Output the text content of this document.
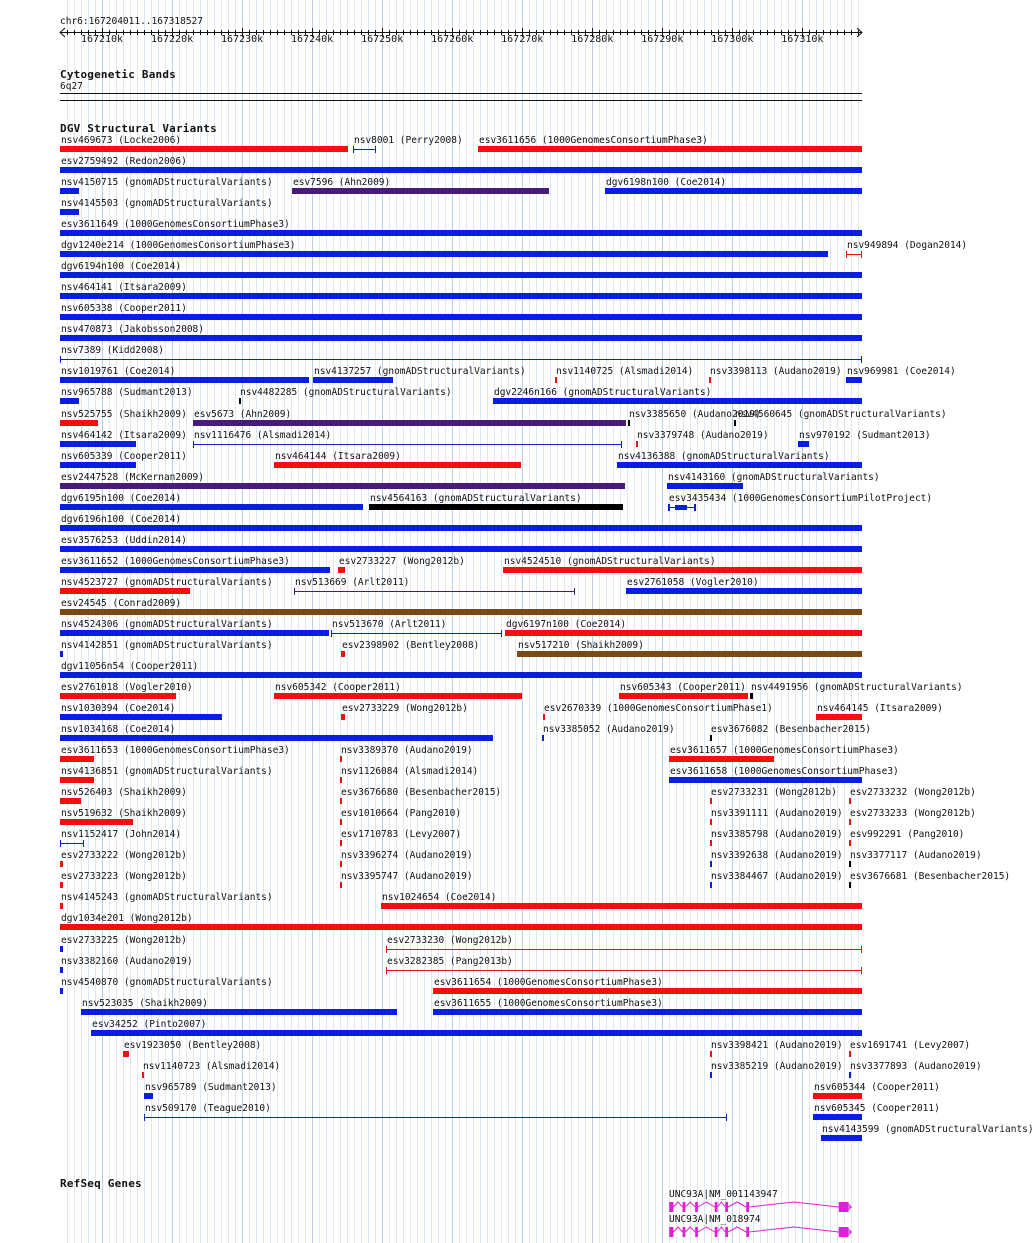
chr6:167204011..167318527
Cytogenetic Bands
6q27
DGV Structural Variants
nsv469673 (Locke2006)	nsv8001 (Perry2008) esv3611656 (1000GenomesConsortiumPhase3)
esv2759492 (Redon2006)
nsv4150715 (gnomADStructuralVariants) esv7596 (Ahn2009)	dgv6198n100 (Coe2014)
nsv4145503 (gnomADStructuralVariants)
esv3611649 (1000GenomesConsortiumPhase3)
dgv1240e214 (1000GenomesConsortiumPhase3)	nsv949894 (Dogan2014)
dgv6194n100 (Coe2014)
nsv464141 (Itsara2009)
nsv605338 (Cooper2011)
nsv470873 (Jakobsson2008)
nsv7389 (Kidd2008)
nsv1019761 (Coe2014)	nsv4137257 (gnomADStructuralVariants)	nsv1140725 (Alsmadi2014) nsv3398113 (Audano2019) nsv969981 (Coe2014)
nsv965788 (Sudmant2013)	nsv4482285 (gnomADStructuralVariants)	dgv2246n166 (gnomADStructuralVariants)
nsv525755 (Shaikh2009) esv5673 (Ahn2009)	nsv3385650 (Audano2019)
nsv4560645 (gnomADStructuralVariants)
nsv464142 (Itsara2009) nsv1116476 (Alsmadi2014)	nsv3379748 (Audano2019)	nsv970192 (Sudmant2013)
nsv605339 (Cooper2011)	nsv464144 (Itsara2009)	nsv4136388 (gnomADStructuralVariants)
esv2447528 (McKernan2009)	nsv4143160 (gnomADStructuralVariants)
dgv6195n100 (Coe2014)	nsv4564163 (gnomADStructuralVariants)	esv3435434 (1000GenomesConsortiumPilotProject)
dgv6196n100 (Coe2014)
esv3576253 (Uddin2014)
esv3611652 (1000GenomesConsortiumPhase3)	esv2733227 (Wong2012b)	nsv4524510 (gnomADStructuralVariants)
nsv4523727 (gnomADStructuralVariants) nsv513669 (Arlt2011)	esv2761058 (Vogler2010)
esv24545 (Conrad2009)
nsv4524306 (gnomADStructuralVariants)	nsv513670 (Arlt2011)	dgv6197n100 (Coe2014)
nsv4142851 (gnomADStructuralVariants)	esv2398902 (Bentley2008)	nsv517210 (Shaikh2009)
dgv11056n54 (Cooper2011)
esv2761018 (Vogler2010)	nsv605342 (Cooper2011)	nsv605343 (Cooper2011) nsv4491956 (gnomADStructuralVariants)
nsv1030394 (Coe2014)	esv2733229 (Wong2012b)	esv2670339 (1000GenomesConsortiumPhase1)	nsv464145 (Itsara2009)
nsv1034168 (Coe2014)	nsv3385052 (Audano2019)	esv3676082 (Besenbacher2015)
esv3611653 (1000GenomesConsortiumPhase3)	nsv3389370 (Audano2019)	esv3611657 (1000GenomesConsortiumPhase3)
nsv4136851 (gnomADStructuralVariants)	nsv1126084 (Alsmadi2014)	esv3611658 (1000GenomesConsortiumPhase3)
nsv526403 (Shaikh2009)	esv3676680 (Besenbacher2015)	esv2733231 (Wong2012b) esv2733232 (Wong2012b)
nsv519632 (Shaikh2009)	esv1010664 (Pang2010)	nsv3391111 (Audano2019) esv2733233 (Wong2012b)
nsv1152417 (John2014)	esv1710783 (Levy2007)	nsv3385798 (Audano2019) esv992291 (Pang2010)
esv2733222 (Wong2012b)	nsv3396274 (Audano2019)	nsv3392638 (Audano2019) nsv3377117 (Audano2019)
esv2733223 (Wong2012b)	nsv3395747 (Audano2019)	nsv3384467 (Audano2019) esv3676681 (Besenbacher2015)
nsv4145243 (gnomADStructuralVariants)	nsv1024654 (Coe2014)
dgv1034e201 (Wong2012b)
esv2733225 (Wong2012b)	esv2733230 (Wong2012b)
nsv3382160 (Audano2019)	esv3282385 (Pang2013b)
nsv4540870 (gnomADStructuralVariants)	esv3611654 (1000GenomesConsortiumPhase3)
nsv523035 (Shaikh2009)	esv3611655 (1000GenomesConsortiumPhase3)
esv34252 (Pinto2007)
esv1923050 (Bentley2008)	nsv3398421 (Audano2019) esv1691741 (Levy2007)
nsv1140723 (Alsmadi2014)	nsv3385219 (Audano2019) nsv3377893 (Audano2019)
nsv965789 (Sudmant2013)	nsv605344 (Cooper2011)
nsv509170 (Teague2010)	nsv605345 (Cooper2011)
nsv4143599 (gnomADStructuralVariants)
RefSeq Genes
UNC93A|NM_001143947
UNC93A|NM_018974
167210k	167220k	167230k	167240k	167250k	167260k	167270k	167280k	167290k	167300k	167310k
